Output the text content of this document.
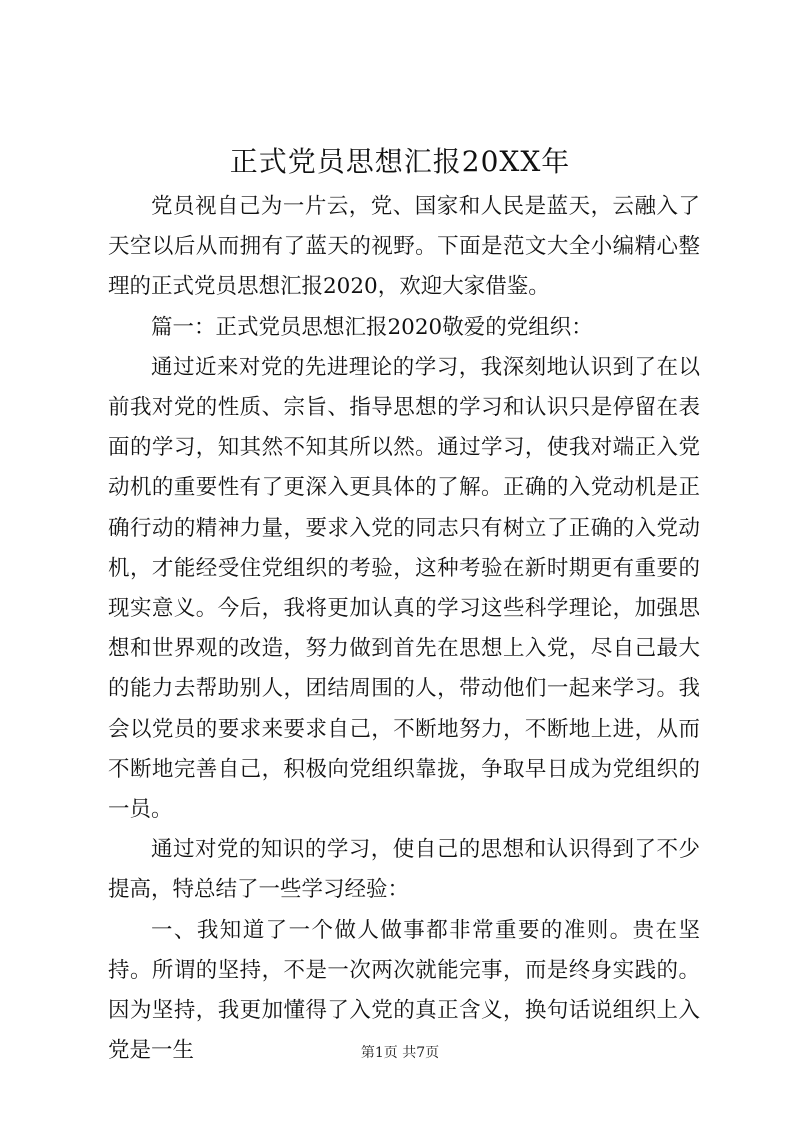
正式党员思想汇报20XX年

党员视自己为一片云，党、国家和人民是蓝天，云融入了天空以后从而拥有了蓝天的视野。下面是范文大全小编精心整理的正式党员思想汇报2020，欢迎大家借鉴。

篇一：正式党员思想汇报2020敬爱的党组织：

通过近来对党的先进理论的学习，我深刻地认识到了在以前我对党的性质、宗旨、指导思想的学习和认识只是停留在表面的学习，知其然不知其所以然。通过学习，使我对端正入党动机的重要性有了更深入更具体的了解。正确的入党动机是正确行动的精神力量，要求入党的同志只有树立了正确的入党动机，才能经受住党组织的考验，这种考验在新时期更有重要的现实意义。今后，我将更加认真的学习这些科学理论，加强思想和世界观的改造，努力做到首先在思想上入党，尽自己最大的能力去帮助别人，团结周围的人，带动他们一起来学习。我会以党员的要求来要求自己，不断地努力，不断地上进，从而不断地完善自己，积极向党组织靠拢，争取早日成为党组织的一员。

通过对党的知识的学习，使自己的思想和认识得到了不少提高，特总结了一些学习经验：

一、我知道了一个做人做事都非常重要的准则。贵在坚持。所谓的坚持，不是一次两次就能完事，而是终身实践的。因为坚持，我更加懂得了入党的真正含义，换句话说组织上入党是一生	第1页 共7页
